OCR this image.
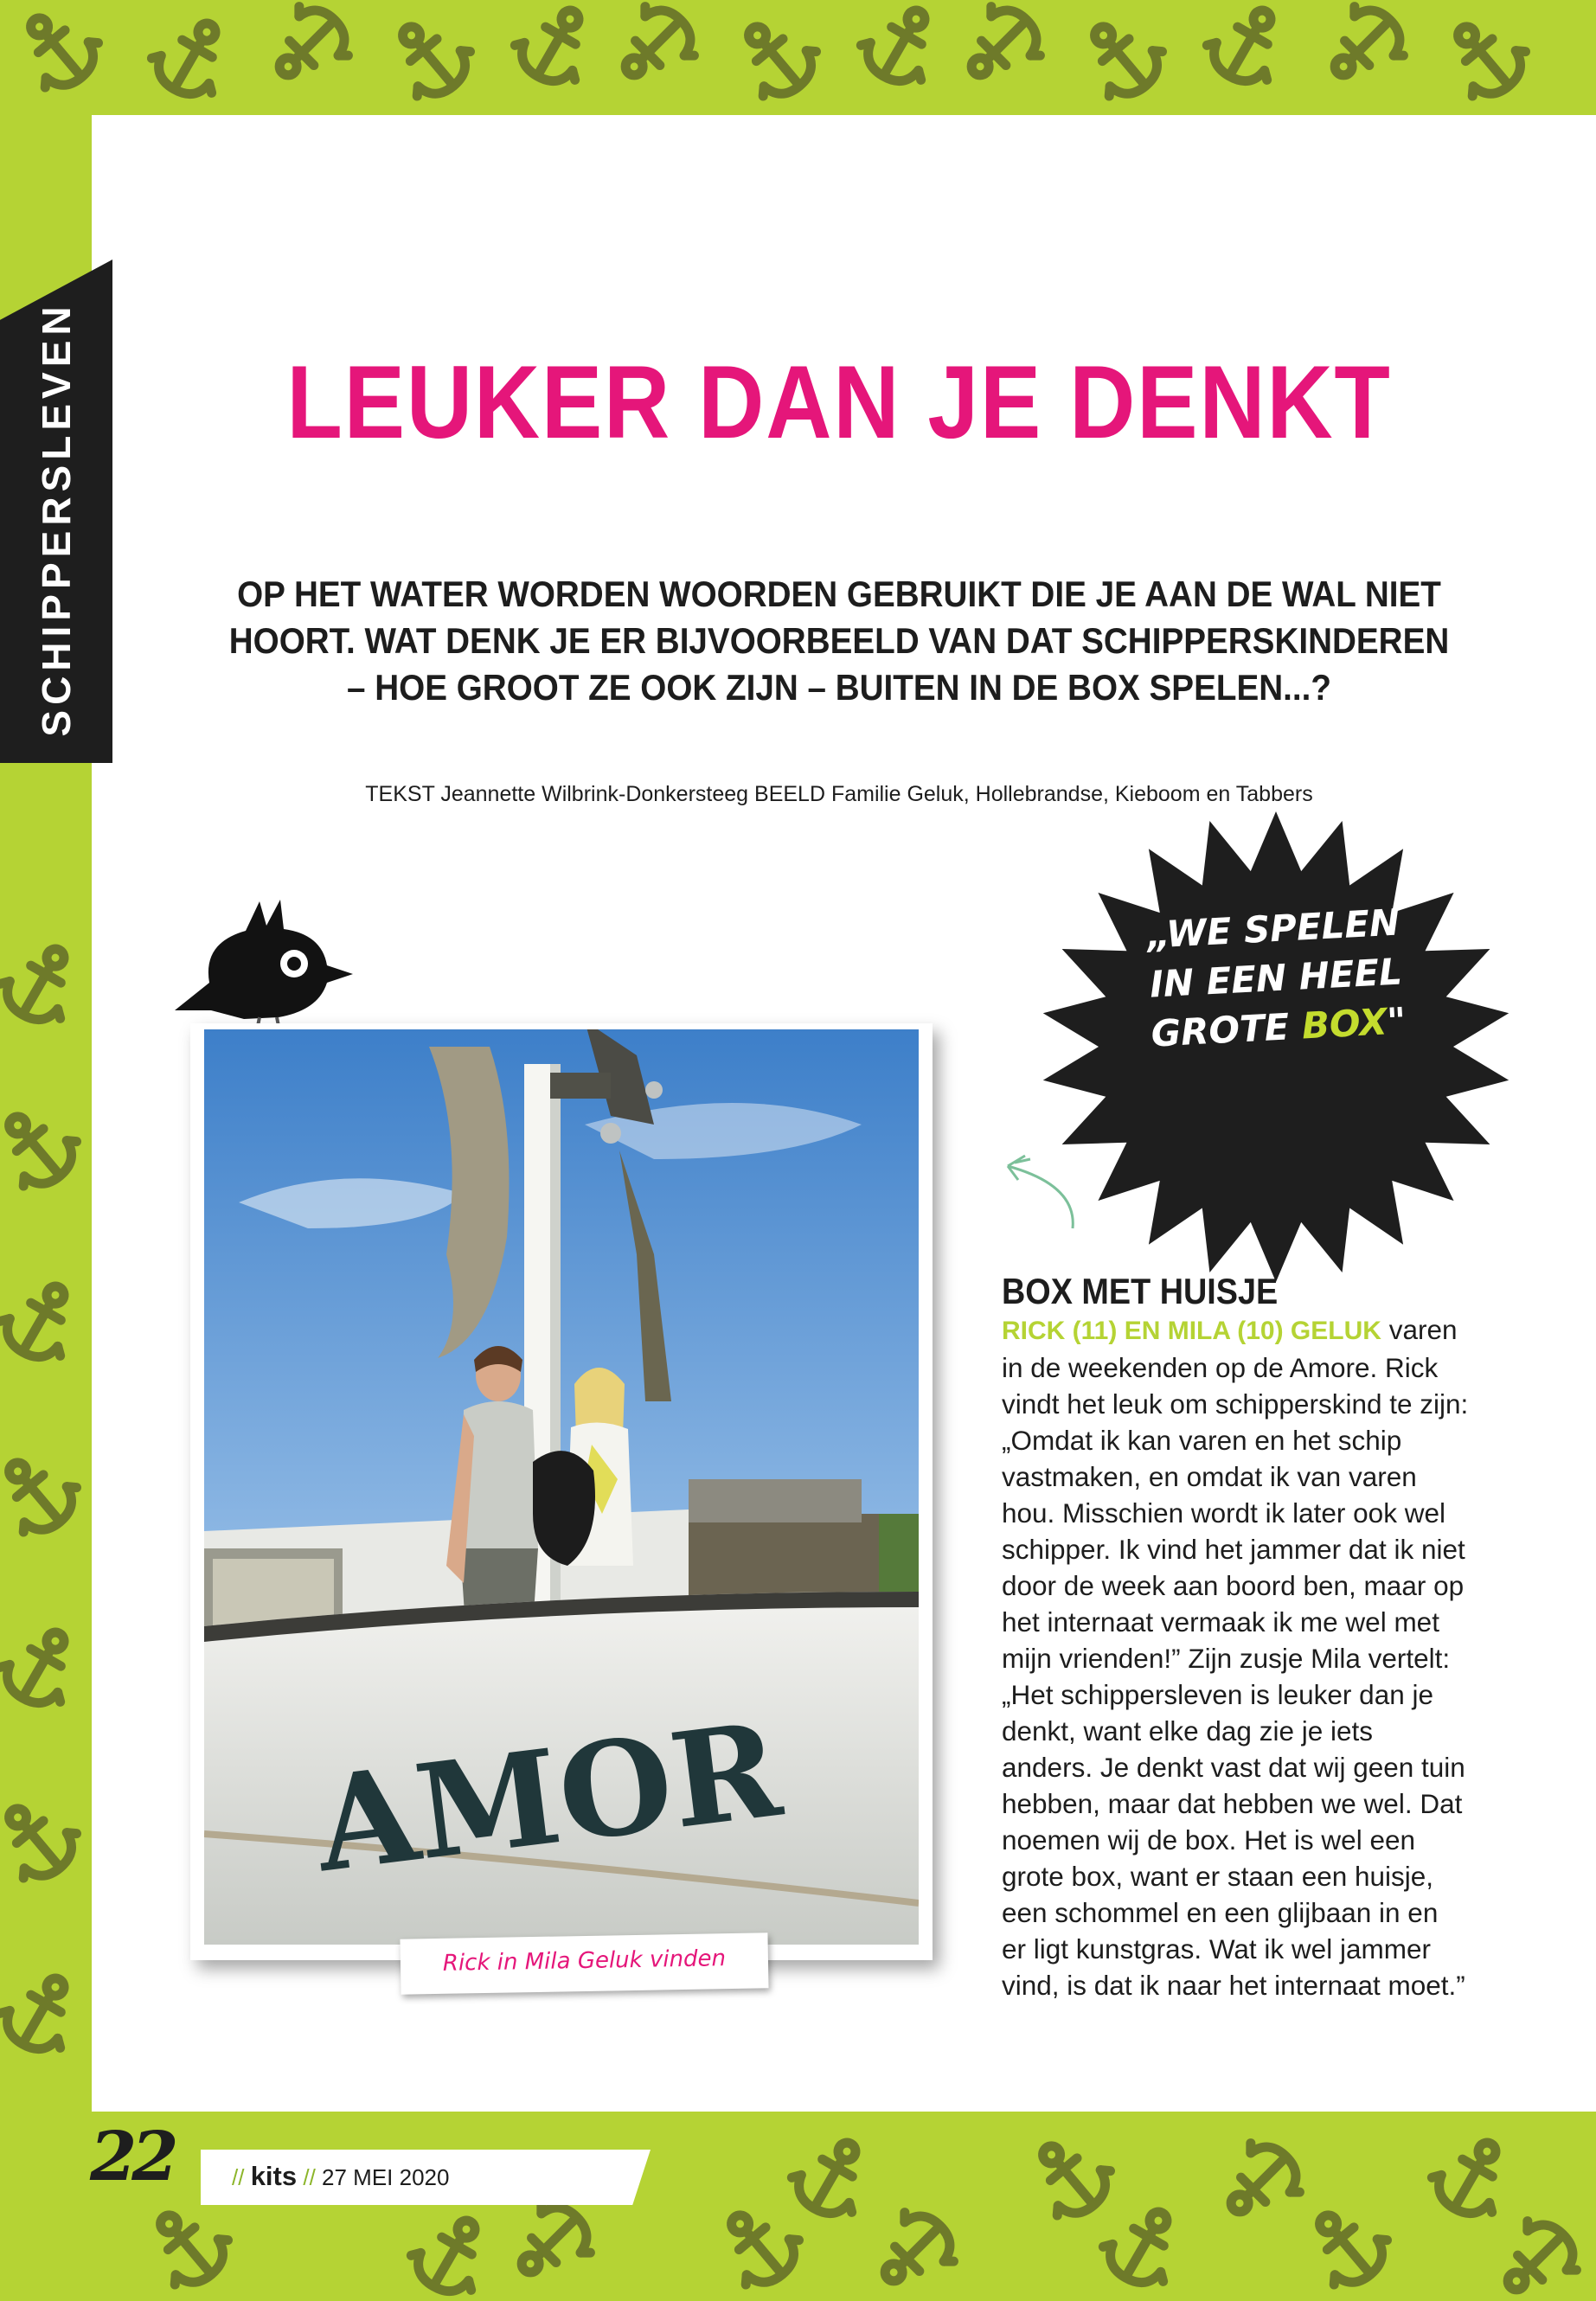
SCHIPPERSLEVEN	LEUKER DAN JE DENKT
OP HET WATER WORDEN WOORDEN GEBRUIKT DIE JE AAN DE WAL NIET HOORT. WAT DENK JE ER BIJVOORBEELD VAN DAT SCHIPPERSKINDEREN – HOE GROOT ZE OOK ZIJN – BUITEN IN DE BOX SPELEN...?
TEKST Jeannette Wilbrink-Donkersteeg BEELD Familie Geluk, Hollebrandse, Kieboom en Tabbers
AMOR
Rick in Mila Geluk vinden
„WE SPELEN IN EEN HEEL GROTE BOX"
BOX MET HUISJE
RICK (11) EN MILA (10) GELUK varen in de weekenden op de Amore. Rick vindt het leuk om schipperskind te zijn: „Omdat ik kan varen en het schip vastmaken, en omdat ik van varen hou. Misschien wordt ik later ook wel schipper. Ik vind het jammer dat ik niet door de week aan boord ben, maar op het internaat vermaak ik me wel met mijn vrienden!” Zijn zusje Mila vertelt: „Het schippersleven is leuker dan je denkt, want elke dag zie je iets anders. Je denkt vast dat wij geen tuin hebben, maar dat hebben we wel. Dat noemen wij de box. Het is wel een grote box, want er staan een huisje, een schommel en een glijbaan in en er ligt kunstgras. Wat ik wel jammer vind, is dat ik naar het internaat moet.”
22	// kits // 27 MEI 2020
